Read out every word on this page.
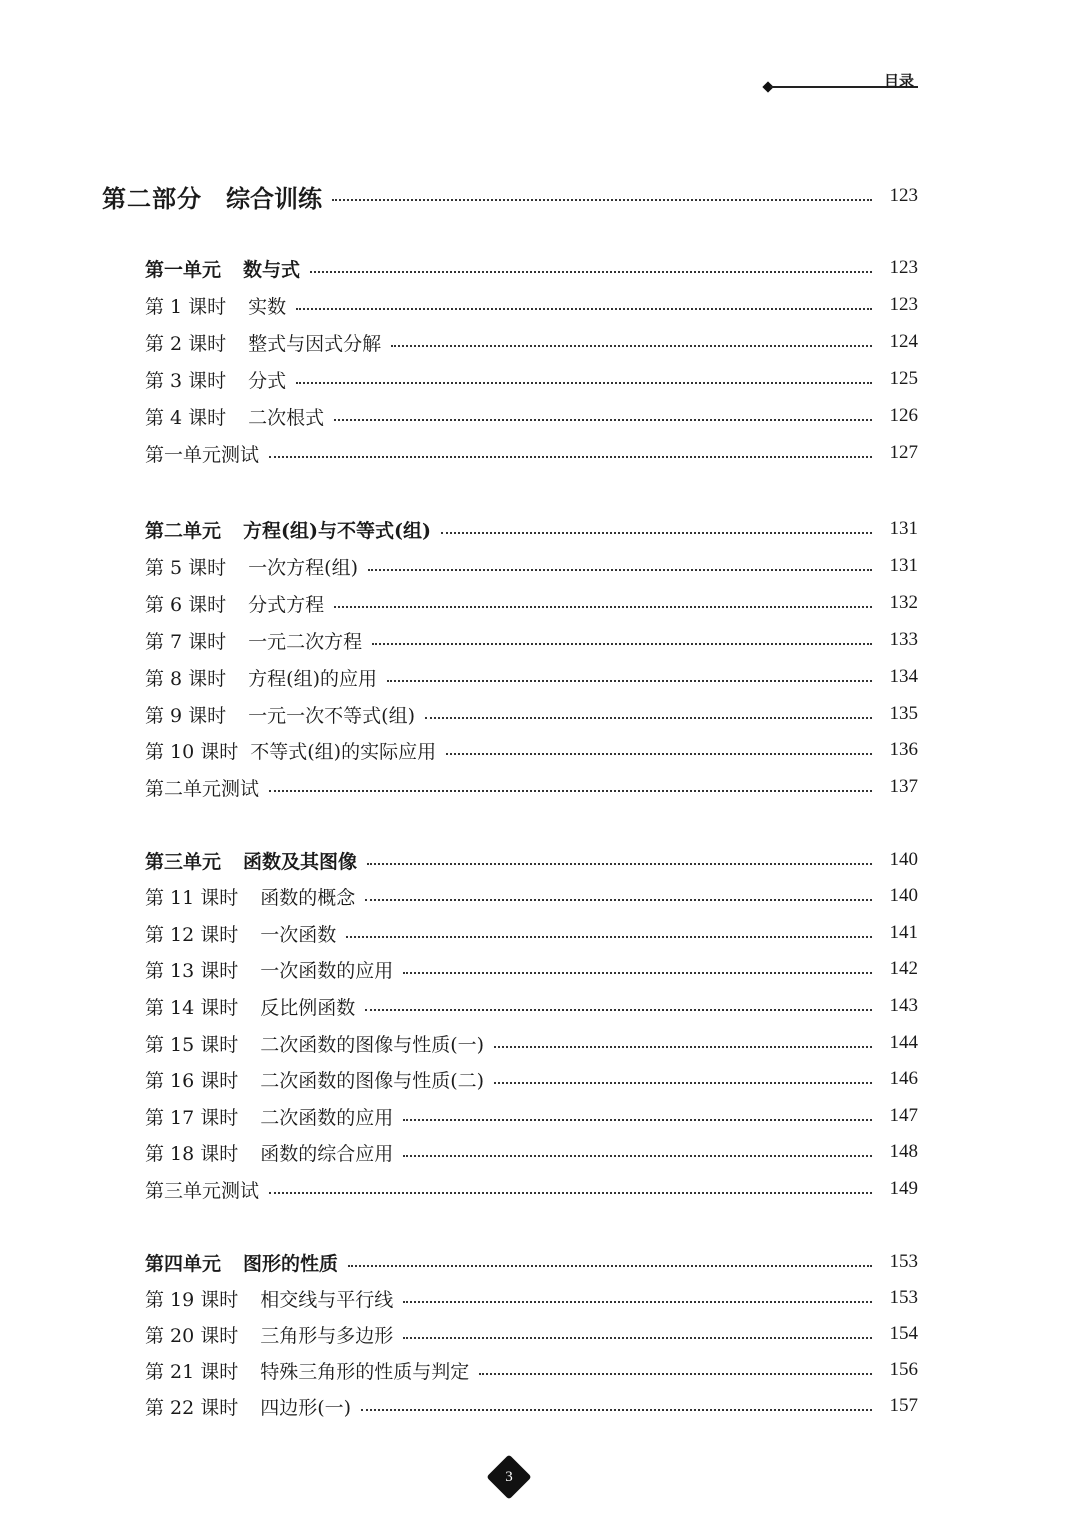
目录
第二部分 综合训练	123
第一单元 数与式	123
第 1 课时 实数	123
第 2 课时 整式与因式分解	124
第 3 课时 分式	125
第 4 课时 二次根式	126
第一单元测试	127
第二单元 方程(组)与不等式(组)	131
第 5 课时 一次方程(组)	131
第 6 课时 分式方程	132
第 7 课时 一元二次方程	133
第 8 课时 方程(组)的应用	134
第 9 课时 一元一次不等式(组)	135
第 10 课时 不等式(组)的实际应用	136
第二单元测试	137
第三单元 函数及其图像	140
第 11 课时 函数的概念	140
第 12 课时 一次函数	141
第 13 课时 一次函数的应用	142
第 14 课时 反比例函数	143
第 15 课时 二次函数的图像与性质(一)	144
第 16 课时 二次函数的图像与性质(二)	146
第 17 课时 二次函数的应用	147
第 18 课时 函数的综合应用	148
第三单元测试	149
第四单元 图形的性质	153
第 19 课时 相交线与平行线	153
第 20 课时 三角形与多边形	154
第 21 课时 特殊三角形的性质与判定	156
第 22 课时 四边形(一)	157
3
